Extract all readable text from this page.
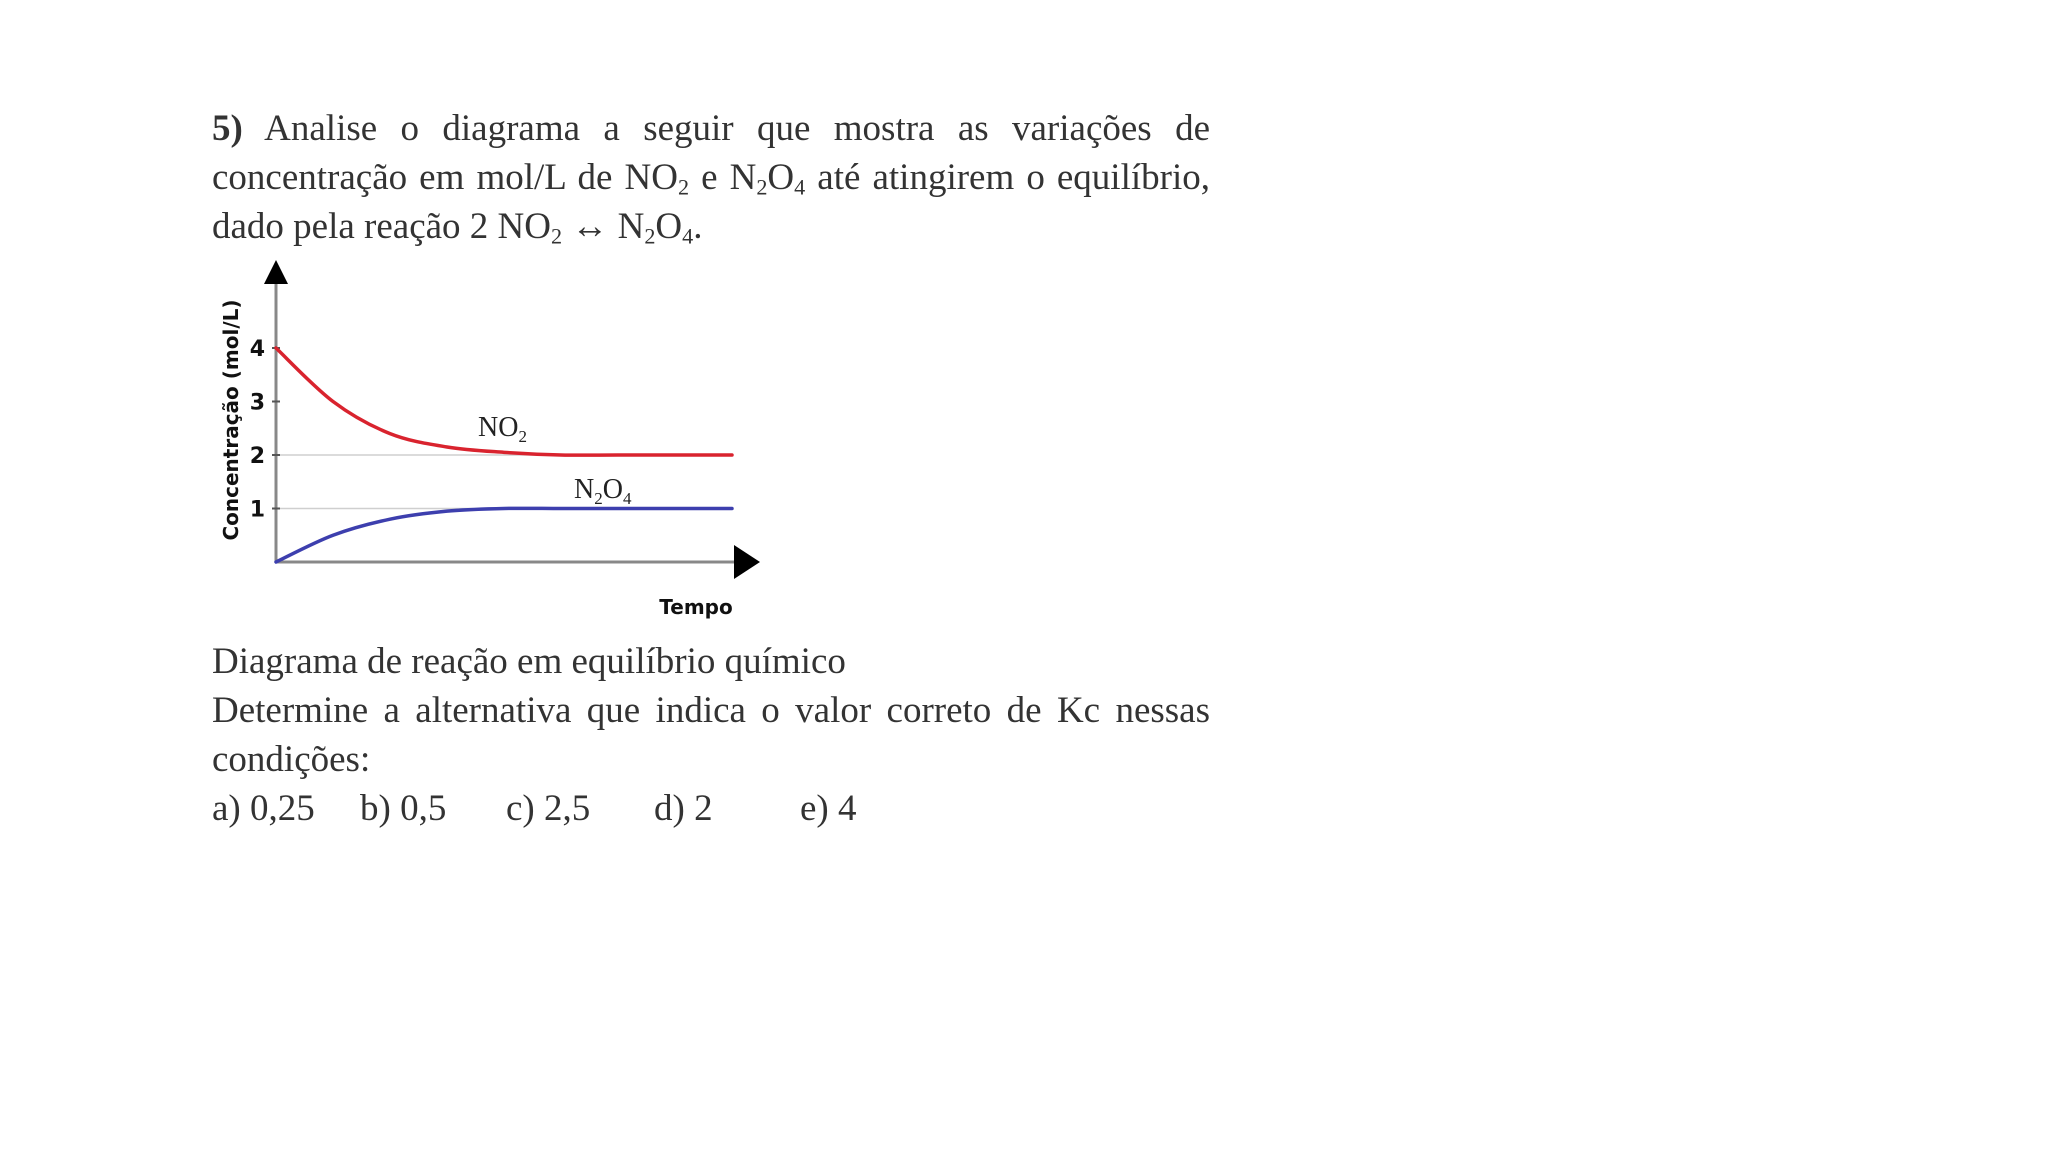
5) Analise o diagrama a seguir que mostra as variações de concentração em mol/L de $NO_2$ e $N_2O_4$ até atingirem o equilíbrio, dado pela reação 2 $NO_2$ ↔ $N_2O_4$.
1
2
3
4
Concentração (mol/L)
Tempo
$NO_2$
$N_2O_4$

Diagrama de reação em equilíbrio químico

Determine a alternativa que indica o valor correto de Kc nessas condições:

a) 0,25	b) 0,5	c) 2,5	d) 2	e) 4
